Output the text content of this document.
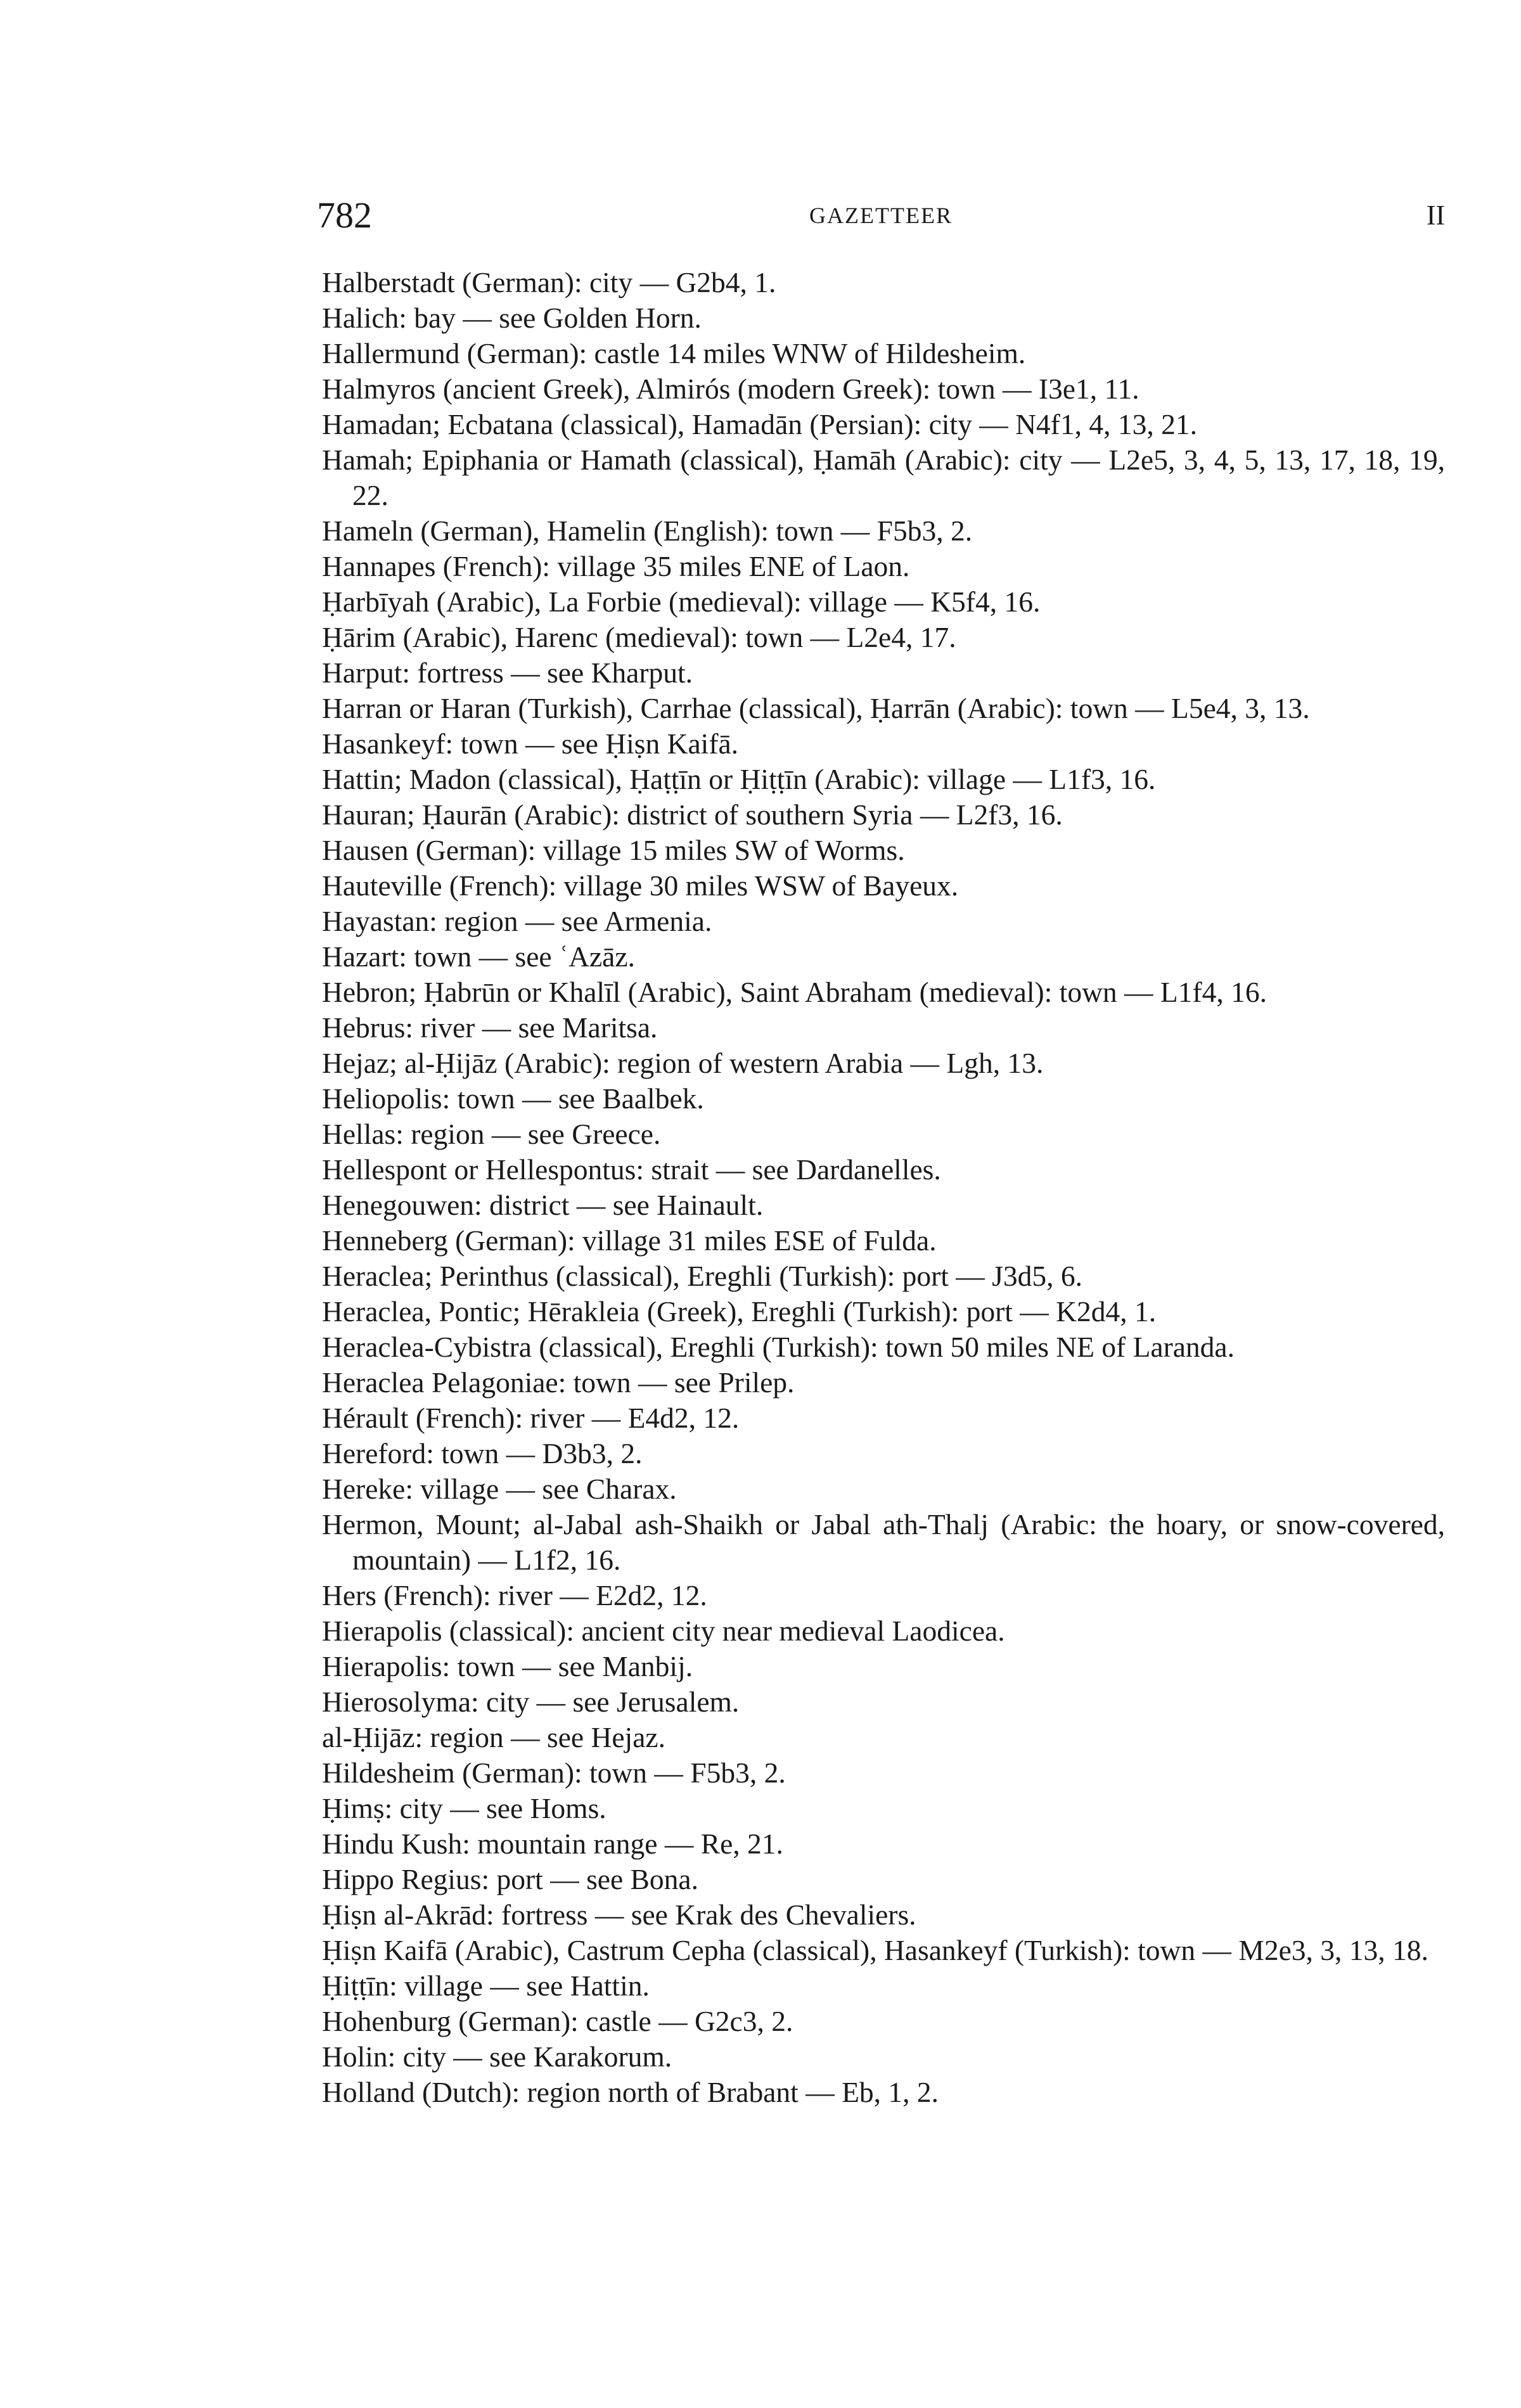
782	GAZETTEER	II
Halberstadt (German): city — G2b4, 1.
Halich: bay — see Golden Horn.
Hallermund (German): castle 14 miles WNW of Hildesheim.
Halmyros (ancient Greek), Almirós (modern Greek): town — I3e1, 11.
Hamadan; Ecbatana (classical), Hamadān (Persian): city — N4f1, 4, 13, 21.
Hamah; Epiphania or Hamath (classical), Ḥamāh (Arabic): city — L2e5, 3, 4, 5, 13, 17, 18, 19, 22.
Hameln (German), Hamelin (English): town — F5b3, 2.
Hannapes (French): village 35 miles ENE of Laon.
Ḥarbīyah (Arabic), La Forbie (medieval): village — K5f4, 16.
Ḥārim (Arabic), Harenc (medieval): town — L2e4, 17.
Harput: fortress — see Kharput.
Harran or Haran (Turkish), Carrhae (classical), Ḥarrān (Arabic): town — L5e4, 3, 13.
Hasankeyf: town — see Ḥiṣn Kaifā.
Hattin; Madon (classical), Ḥaṭṭīn or Ḥiṭṭīn (Arabic): village — L1f3, 16.
Hauran; Ḥaurān (Arabic): district of southern Syria — L2f3, 16.
Hausen (German): village 15 miles SW of Worms.
Hauteville (French): village 30 miles WSW of Bayeux.
Hayastan: region — see Armenia.
Hazart: town — see ʿAzāz.
Hebron; Ḥabrūn or Khalīl (Arabic), Saint Abraham (medieval): town — L1f4, 16.
Hebrus: river — see Maritsa.
Hejaz; al-Ḥijāz (Arabic): region of western Arabia — Lgh, 13.
Heliopolis: town — see Baalbek.
Hellas: region — see Greece.
Hellespont or Hellespontus: strait — see Dardanelles.
Henegouwen: district — see Hainault.
Henneberg (German): village 31 miles ESE of Fulda.
Heraclea; Perinthus (classical), Ereghli (Turkish): port — J3d5, 6.
Heraclea, Pontic; Hērakleia (Greek), Ereghli (Turkish): port — K2d4, 1.
Heraclea-Cybistra (classical), Ereghli (Turkish): town 50 miles NE of Laranda.
Heraclea Pelagoniae: town — see Prilep.
Hérault (French): river — E4d2, 12.
Hereford: town — D3b3, 2.
Hereke: village — see Charax.
Hermon, Mount; al-Jabal ash-Shaikh or Jabal ath-Thalj (Arabic: the hoary, or snow-covered, mountain) — L1f2, 16.
Hers (French): river — E2d2, 12.
Hierapolis (classical): ancient city near medieval Laodicea.
Hierapolis: town — see Manbij.
Hierosolyma: city — see Jerusalem.
al-Ḥijāz: region — see Hejaz.
Hildesheim (German): town — F5b3, 2.
Ḥimṣ: city — see Homs.
Hindu Kush: mountain range — Re, 21.
Hippo Regius: port — see Bona.
Ḥiṣn al-Akrād: fortress — see Krak des Chevaliers.
Ḥiṣn Kaifā (Arabic), Castrum Cepha (classical), Hasankeyf (Turkish): town — M2e3, 3, 13, 18.
Ḥiṭṭīn: village — see Hattin.
Hohenburg (German): castle — G2c3, 2.
Holin: city — see Karakorum.
Holland (Dutch): region north of Brabant — Eb, 1, 2.
